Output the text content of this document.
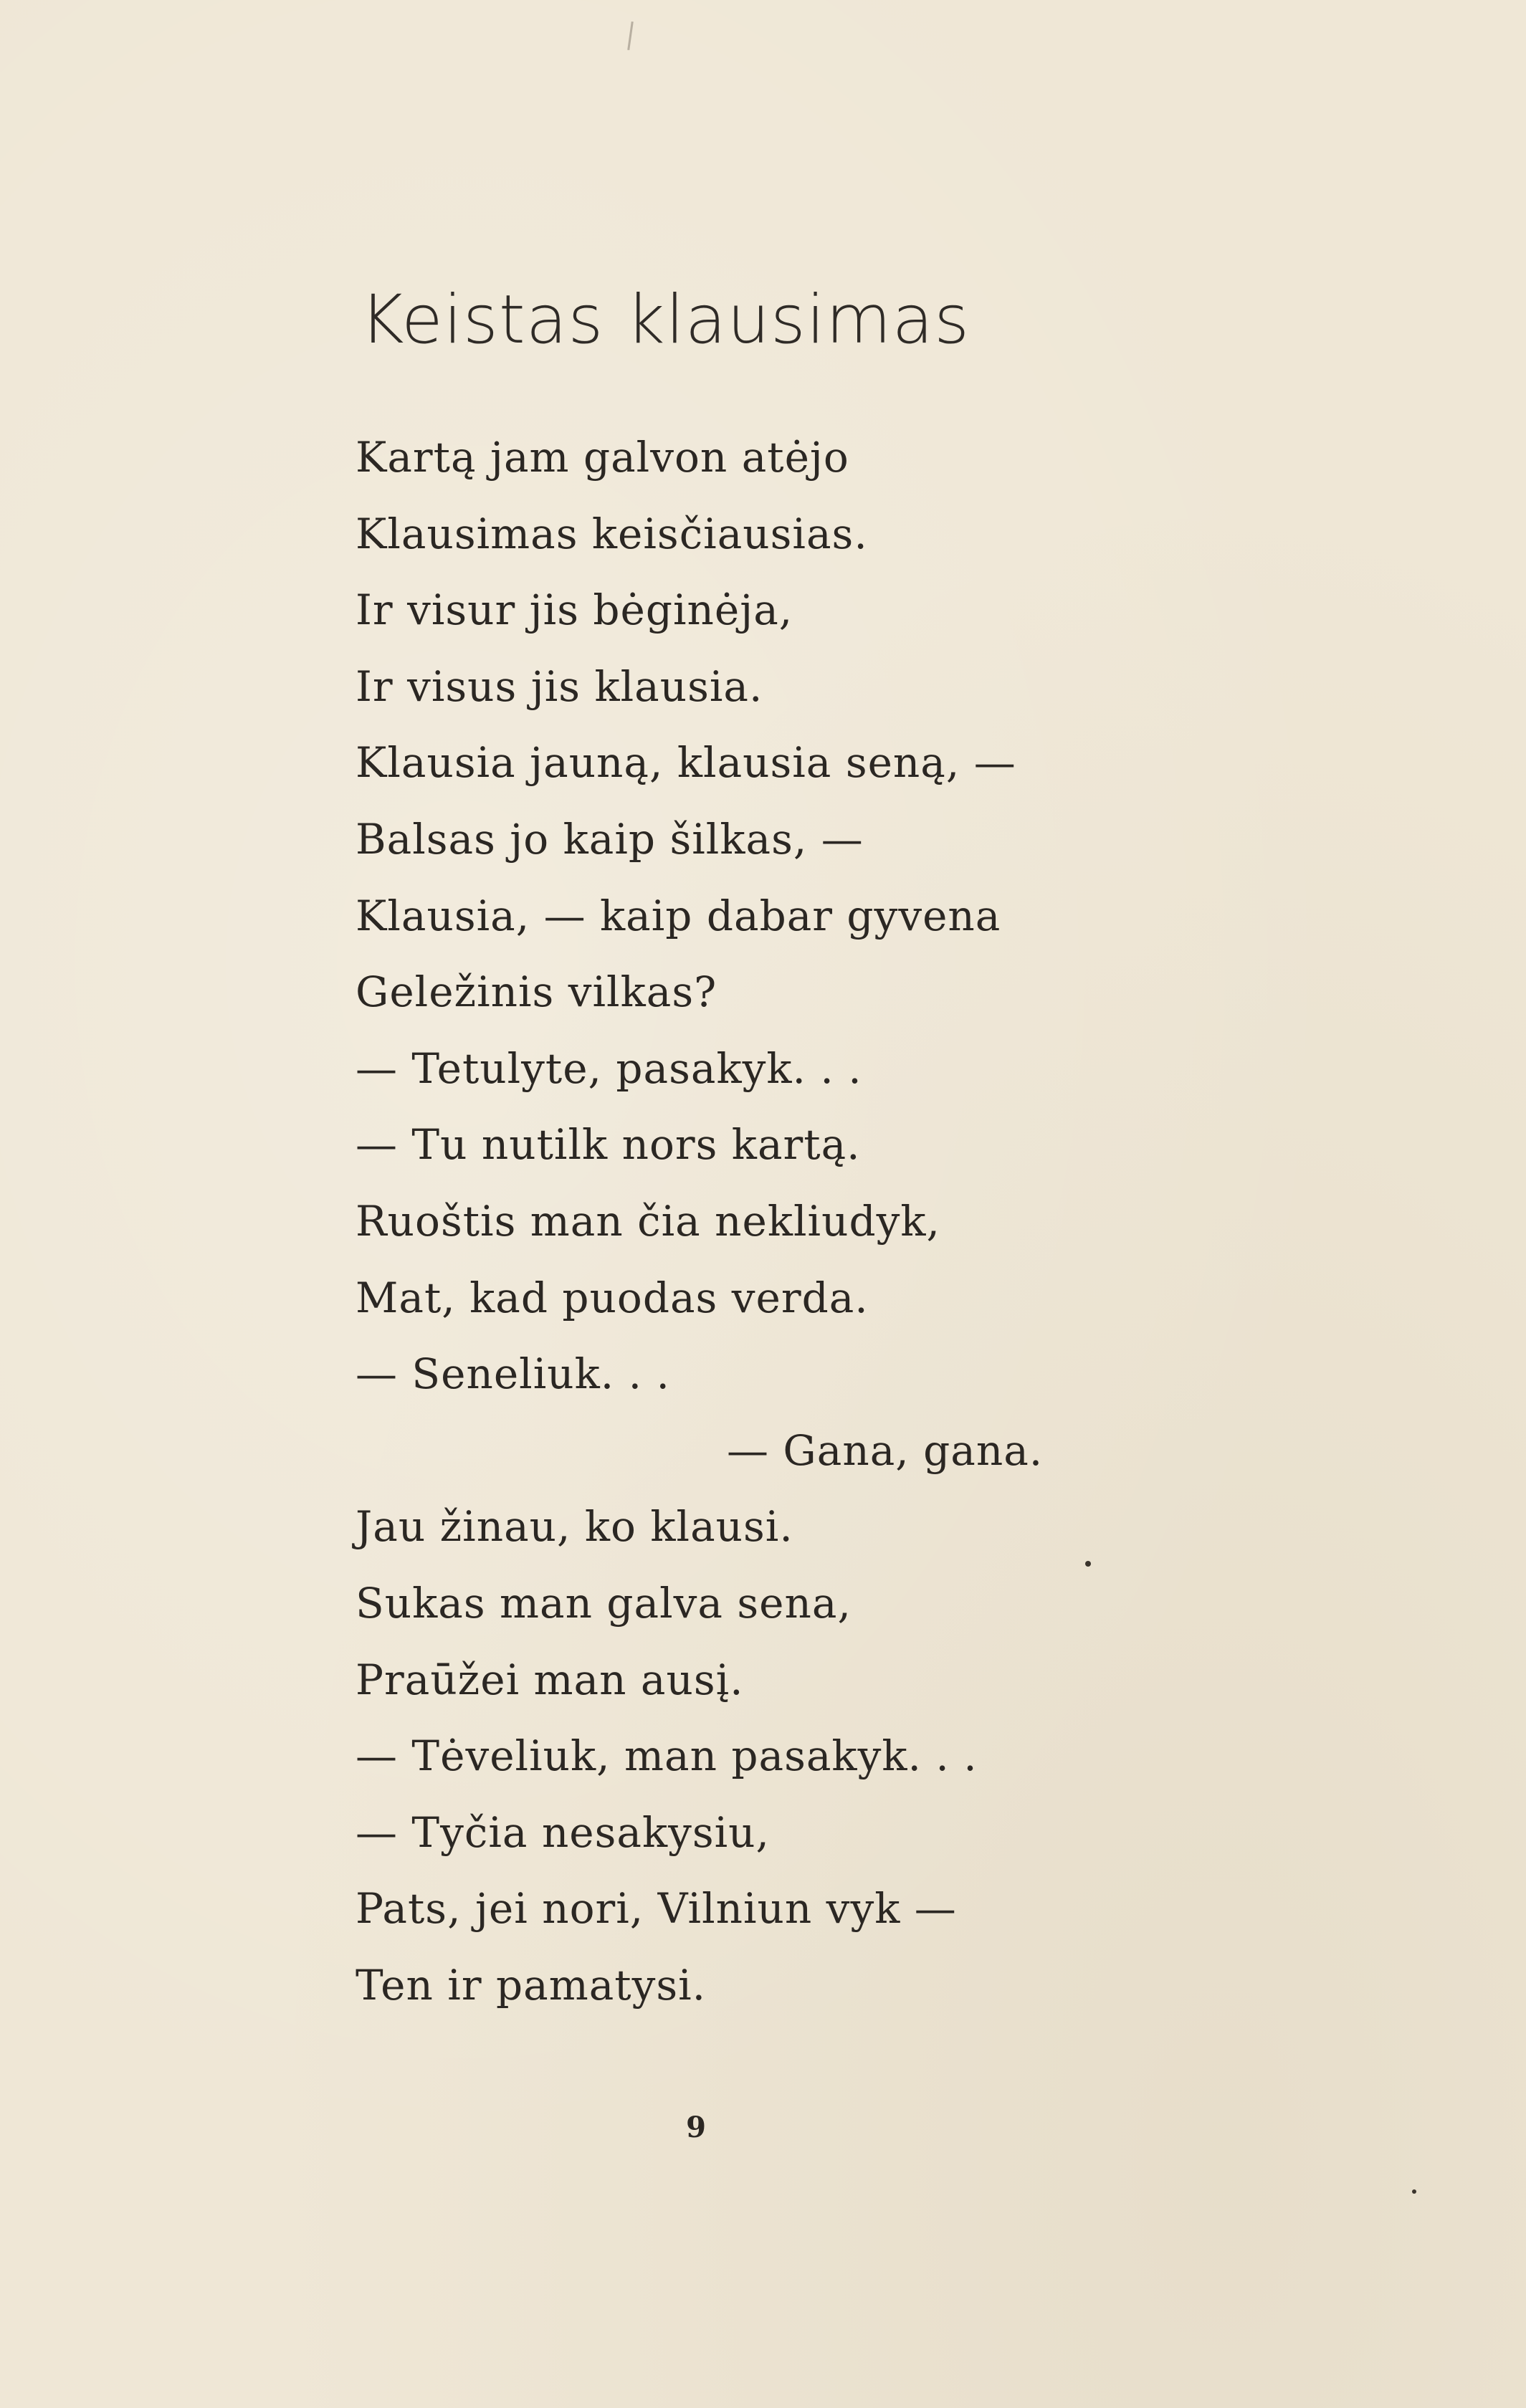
Keistas klausimas
Kartą jam galvon atėjo
Klausimas keisčiausias.
Ir visur jis bėginėja,
Ir visus jis klausia.
Klausia jauną, klausia seną, —
Balsas jo kaip šilkas, —
Klausia, — kaip dabar gyvena
Geležinis vilkas?
— Tetulyte, pasakyk. . .
— Tu nutilk nors kartą.
Ruoštis man čia nekliudyk,
Mat, kad puodas verda.
— Seneliuk. . .
— Gana, gana.
Jau žinau, ko klausi.
Sukas man galva sena,
Praūžei man ausį.
— Tėveliuk, man pasakyk. . .
— Tyčia nesakysiu,
Pats, jei nori, Vilniun vyk —
Ten ir pamatysi.
9
